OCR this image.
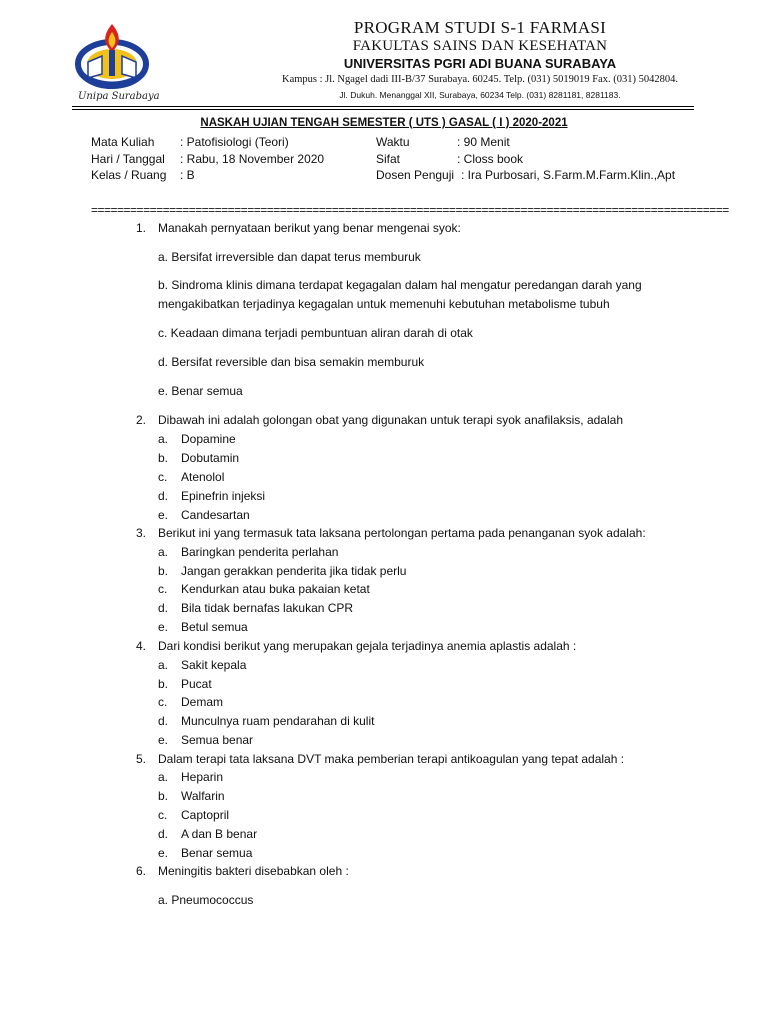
Unipa Surabaya
PROGRAM STUDI S-1 FARMASI
FAKULTAS SAINS DAN KESEHATAN
UNIVERSITAS PGRI ADI BUANA SURABAYA
Kampus : Jl. Ngagel dadi III-B/37 Surabaya. 60245. Telp. (031) 5019019 Fax. (031) 5042804.
Jl. Dukuh. Menanggal XII, Surabaya, 60234 Telp. (031) 8281181, 8281183.
NASKAH UJIAN TENGAH SEMESTER ( UTS ) GASAL ( I ) 2020-2021
Mata Kuliah : Patofisiologi (Teori)
Hari / Tanggal : Rabu, 18 November 2020
Kelas / Ruang : B
Waktu	: 90 Menit
Sifat	: Closs book
Dosen Penguji : Ira Purbosari, S.Farm.M.Farm.Klin.,Apt
==================================================================================================
1. Manakah pernyataan berikut yang benar mengenai syok:
a. Bersifat irreversible dan dapat terus memburuk
b. Sindroma klinis dimana terdapat kegagalan dalam hal mengatur peredangan darah yang
mengakibatkan terjadinya kegagalan untuk memenuhi kebutuhan metabolisme tubuh
c. Keadaan dimana terjadi pembuntuan aliran darah di otak
d. Bersifat reversible dan bisa semakin memburuk
e. Benar semua
2. Dibawah ini adalah golongan obat yang digunakan untuk terapi syok anafilaksis, adalah
a. Dopamine
b. Dobutamin
c. Atenolol
d. Epinefrin injeksi
e. Candesartan
3. Berikut ini yang termasuk tata laksana pertolongan pertama pada penanganan syok adalah:
a. Baringkan penderita perlahan
b. Jangan gerakkan penderita jika tidak perlu
c. Kendurkan atau buka pakaian ketat
d. Bila tidak bernafas lakukan CPR
e. Betul semua
4. Dari kondisi berikut yang merupakan gejala terjadinya anemia aplastis adalah :
a. Sakit kepala
b. Pucat
c. Demam
d. Munculnya ruam pendarahan di kulit
e. Semua benar
5. Dalam terapi tata laksana DVT maka pemberian terapi antikoagulan yang tepat adalah :
a. Heparin
b. Walfarin
c. Captopril
d. A dan B benar
e. Benar semua
6. Meningitis bakteri disebabkan oleh :
a. Pneumococcus
